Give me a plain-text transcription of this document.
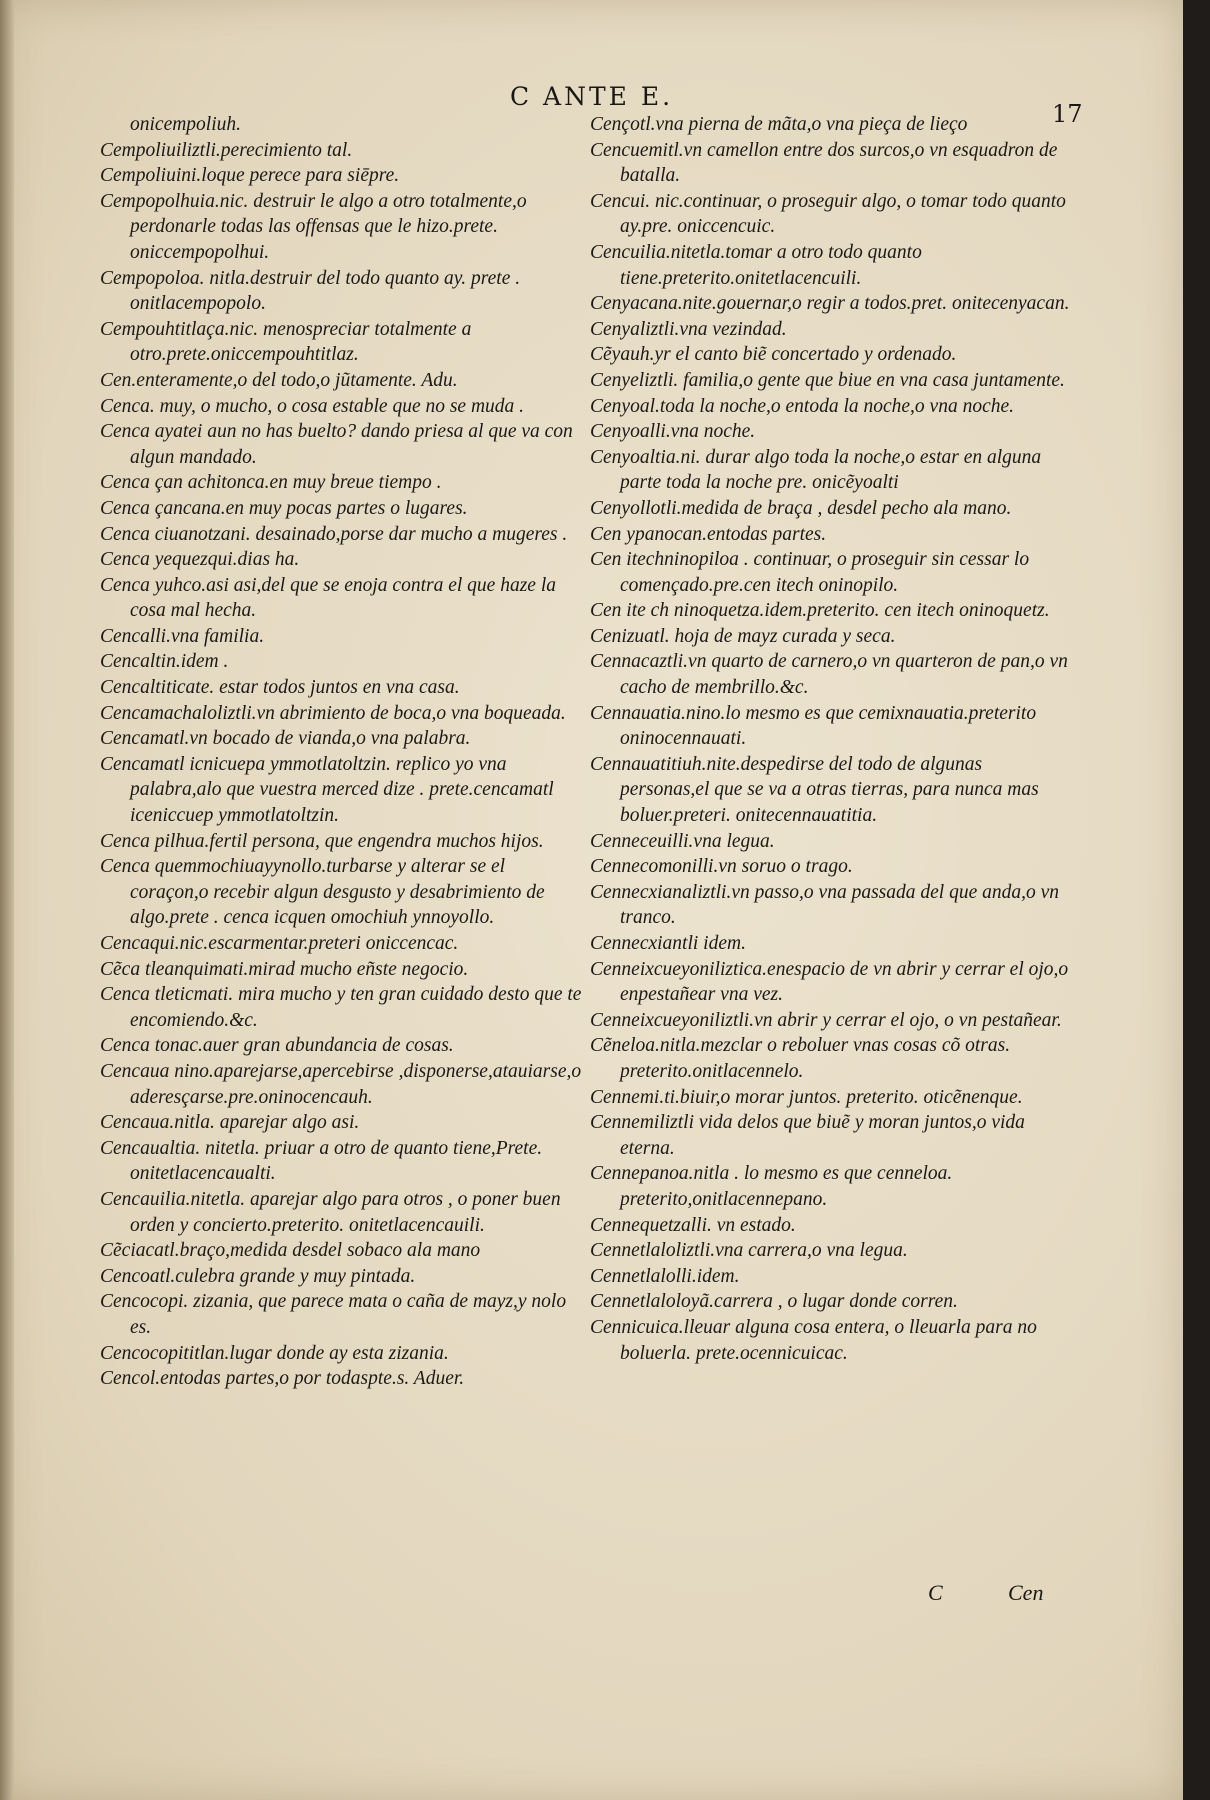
C ANTE E.
17
onicempoliuh.
Cempoliuiliztli.perecimiento tal.
Cempoliuini.loque perece para siēpre.
Cempopolhuia.nic. destruir le algo a otro totalmente,o perdonarle todas las offensas que le hizo.prete. oniccempopolhui.
Cempopoloa. nitla.destruir del todo quanto ay. prete . onitlacempopolo.
Cempouhtitlaça.nic. menospreciar totalmente a otro.prete.oniccempouhtitlaz.
Cen.enteramente,o del todo,o jũtamente. Adu.
Cenca. muy, o mucho, o cosa estable que no se muda .
Cenca ayatei aun no has buelto? dando priesa al que va con algun mandado.
Cenca çan achitonca.en muy breue tiempo .
Cenca çancana.en muy pocas partes o lugares.
Cenca ciuanotzani. desainado,porse dar mucho a mugeres .
Cenca yequezqui.dias ha.
Cenca yuhco.asi asi,del que se enoja contra el que haze la cosa mal hecha.
Cencalli.vna familia.
Cencaltin.idem .
Cencaltiticate. estar todos juntos en vna casa.
Cencamachaloliztli.vn abrimiento de boca,o vna boqueada.
Cencamatl.vn bocado de vianda,o vna palabra.
Cencamatl icnicuepa ymmotlatoltzin. replico yo vna palabra,alo que vuestra merced dize . prete.cencamatl iceniccuep ymmotlatoltzin.
Cenca pilhua.fertil persona, que engendra muchos hijos.
Cenca quemmochiuayynollo.turbarse y alterar se el coraçon,o recebir algun desgusto y desabrimiento de algo.prete . cenca icquen omochiuh ynnoyollo.
Cencaqui.nic.escarmentar.preteri oniccencac.
Cẽca tleanquimati.mirad mucho eñste negocio.
Cenca tleticmati. mira mucho y ten gran cuidado desto que te encomiendo.&c.
Cenca tonac.auer gran abundancia de cosas.
Cencaua nino.aparejarse,apercebirse ,disponerse,atauiarse,o aderesçarse.pre.oninocencauh.
Cencaua.nitla. aparejar algo asi.
Cencaualtia. nitetla. priuar a otro de quanto tiene,Prete. onitetlacencaualti.
Cencauilia.nitetla. aparejar algo para otros , o poner buen orden y concierto.preterito. onitetlacencauili.
Cẽciacatl.braço,medida desdel sobaco ala mano
Cencoatl.culebra grande y muy pintada.
Cencocopi. zizania, que parece mata o caña de mayz,y nolo es.
Cencocopititlan.lugar donde ay esta zizania.
Cencol.entodas partes,o por todaspte.s. Aduer.
Cençotl.vna pierna de mãta,o vna pieça de lieço
Cencuemitl.vn camellon entre dos surcos,o vn esquadron de batalla.
Cencui. nic.continuar, o proseguir algo, o tomar todo quanto ay.pre. oniccencuic.
Cencuilia.nitetla.tomar a otro todo quanto tiene.preterito.onitetlacencuili.
Cenyacana.nite.gouernar,o regir a todos.pret. onitecenyacan.
Cenyaliztli.vna vezindad.
Cẽyauh.yr el canto biẽ concertado y ordenado.
Cenyeliztli. familia,o gente que biue en vna casa juntamente.
Cenyoal.toda la noche,o entoda la noche,o vna noche.
Cenyoalli.vna noche.
Cenyoaltia.ni. durar algo toda la noche,o estar en alguna parte toda la noche pre. onicẽyoalti
Cenyollotli.medida de braça , desdel pecho ala mano.
Cen ypanocan.entodas partes.
Cen itechninopiloa . continuar, o proseguir sin cessar lo començado.pre.cen itech oninopilo.
Cen ite ch ninoquetza.idem.preterito. cen itech oninoquetz.
Cenizuatl. hoja de mayz curada y seca.
Cennacaztli.vn quarto de carnero,o vn quarteron de pan,o vn cacho de membrillo.&c.
Cennauatia.nino.lo mesmo es que cemixnauatia.preterito oninocennauati.
Cennauatitiuh.nite.despedirse del todo de algunas personas,el que se va a otras tierras, para nunca mas boluer.preteri. onitecennauatitia.
Cenneceuilli.vna legua.
Cennecomonilli.vn soruo o trago.
Cennecxianaliztli.vn passo,o vna passada del que anda,o vn tranco.
Cennecxiantli idem.
Cenneixcueyoniliztica.enespacio de vn abrir y cerrar el ojo,o enpestañear vna vez.
Cenneixcueyoniliztli.vn abrir y cerrar el ojo, o vn pestañear.
Cẽneloa.nitla.mezclar o reboluer vnas cosas cõ otras. preterito.onitlacennelo.
Cennemi.ti.biuir,o morar juntos. preterito. oticẽnenque.
Cennemiliztli vida delos que biuẽ y moran juntos,o vida eterna.
Cennepanoa.nitla . lo mesmo es que cenneloa. preterito,onitlacennepano.
Cennequetzalli. vn estado.
Cennetlaloliztli.vna carrera,o vna legua.
Cennetlalolli.idem.
Cennetlaloloyã.carrera , o lugar donde corren.
Cennicuica.lleuar alguna cosa entera, o lleuarla para no boluerla. prete.ocennicuicac.
C	Cen
